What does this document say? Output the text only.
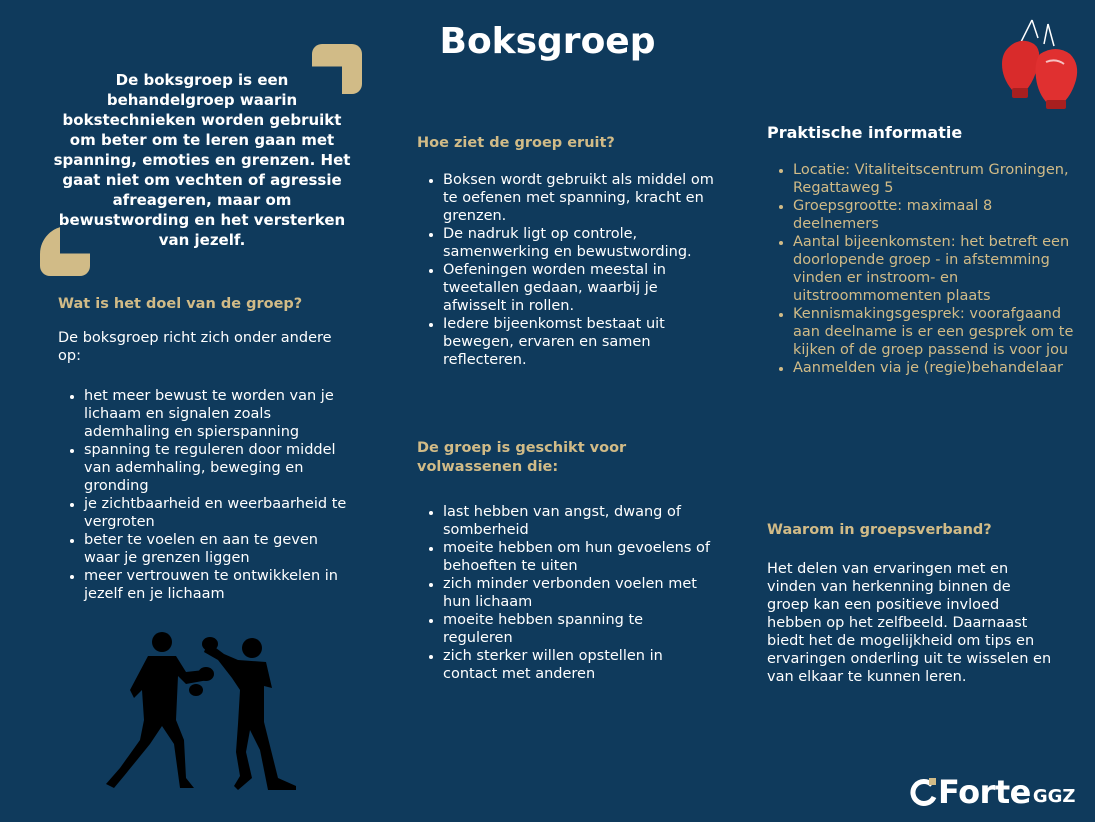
Boksgroep
De boksgroep is een behandelgroep waarin bokstechnieken worden gebruikt om beter om te leren gaan met spanning, emoties en grenzen. Het gaat niet om vechten of agressie afreageren, maar om bewustwording en het versterken van jezelf.

Wat is het doel van de groep?

De boksgroep richt zich onder andere op:

• het meer bewust te worden van je lichaam en signalen zoals ademhaling en spierspanning
• spanning te reguleren door middel van ademhaling, beweging en gronding
• je zichtbaarheid en weerbaarheid te vergroten
• beter te voelen en aan te geven waar je grenzen liggen
• meer vertrouwen te ontwikkelen in jezelf en je lichaam

Hoe ziet de groep eruit?

• Boksen wordt gebruikt als middel om te oefenen met spanning, kracht en grenzen.
• De nadruk ligt op controle, samenwerking en bewustwording.
• Oefeningen worden meestal in tweetallen gedaan, waarbij je afwisselt in rollen.
• Iedere bijeenkomst bestaat uit bewegen, ervaren en samen reflecteren.

De groep is geschikt voor volwassenen die:

• last hebben van angst, dwang of somberheid
• moeite hebben om hun gevoelens of behoeften te uiten
• zich minder verbonden voelen met hun lichaam
• moeite hebben spanning te reguleren
• zich sterker willen opstellen in contact met anderen

Praktische informatie

• Locatie: Vitaliteitscentrum Groningen, Regattaweg 5
• Groepsgrootte: maximaal 8 deelnemers
• Aantal bijeenkomsten: het betreft een doorlopende groep - in afstemming vinden er instroom- en uitstroommomenten plaats
• Kennismakingsgesprek: voorafgaand aan deelname is er een gesprek om te kijken of de groep passend is voor jou
• Aanmelden via je (regie)behandelaar

Waarom in groepsverband?

Het delen van ervaringen met en vinden van herkenning binnen de groep kan een positieve invloed hebben op het zelfbeeld. Daarnaast biedt het de mogelijkheid om tips en ervaringen onderling uit te wisselen en van elkaar te kunnen leren.

Forte GGZ
